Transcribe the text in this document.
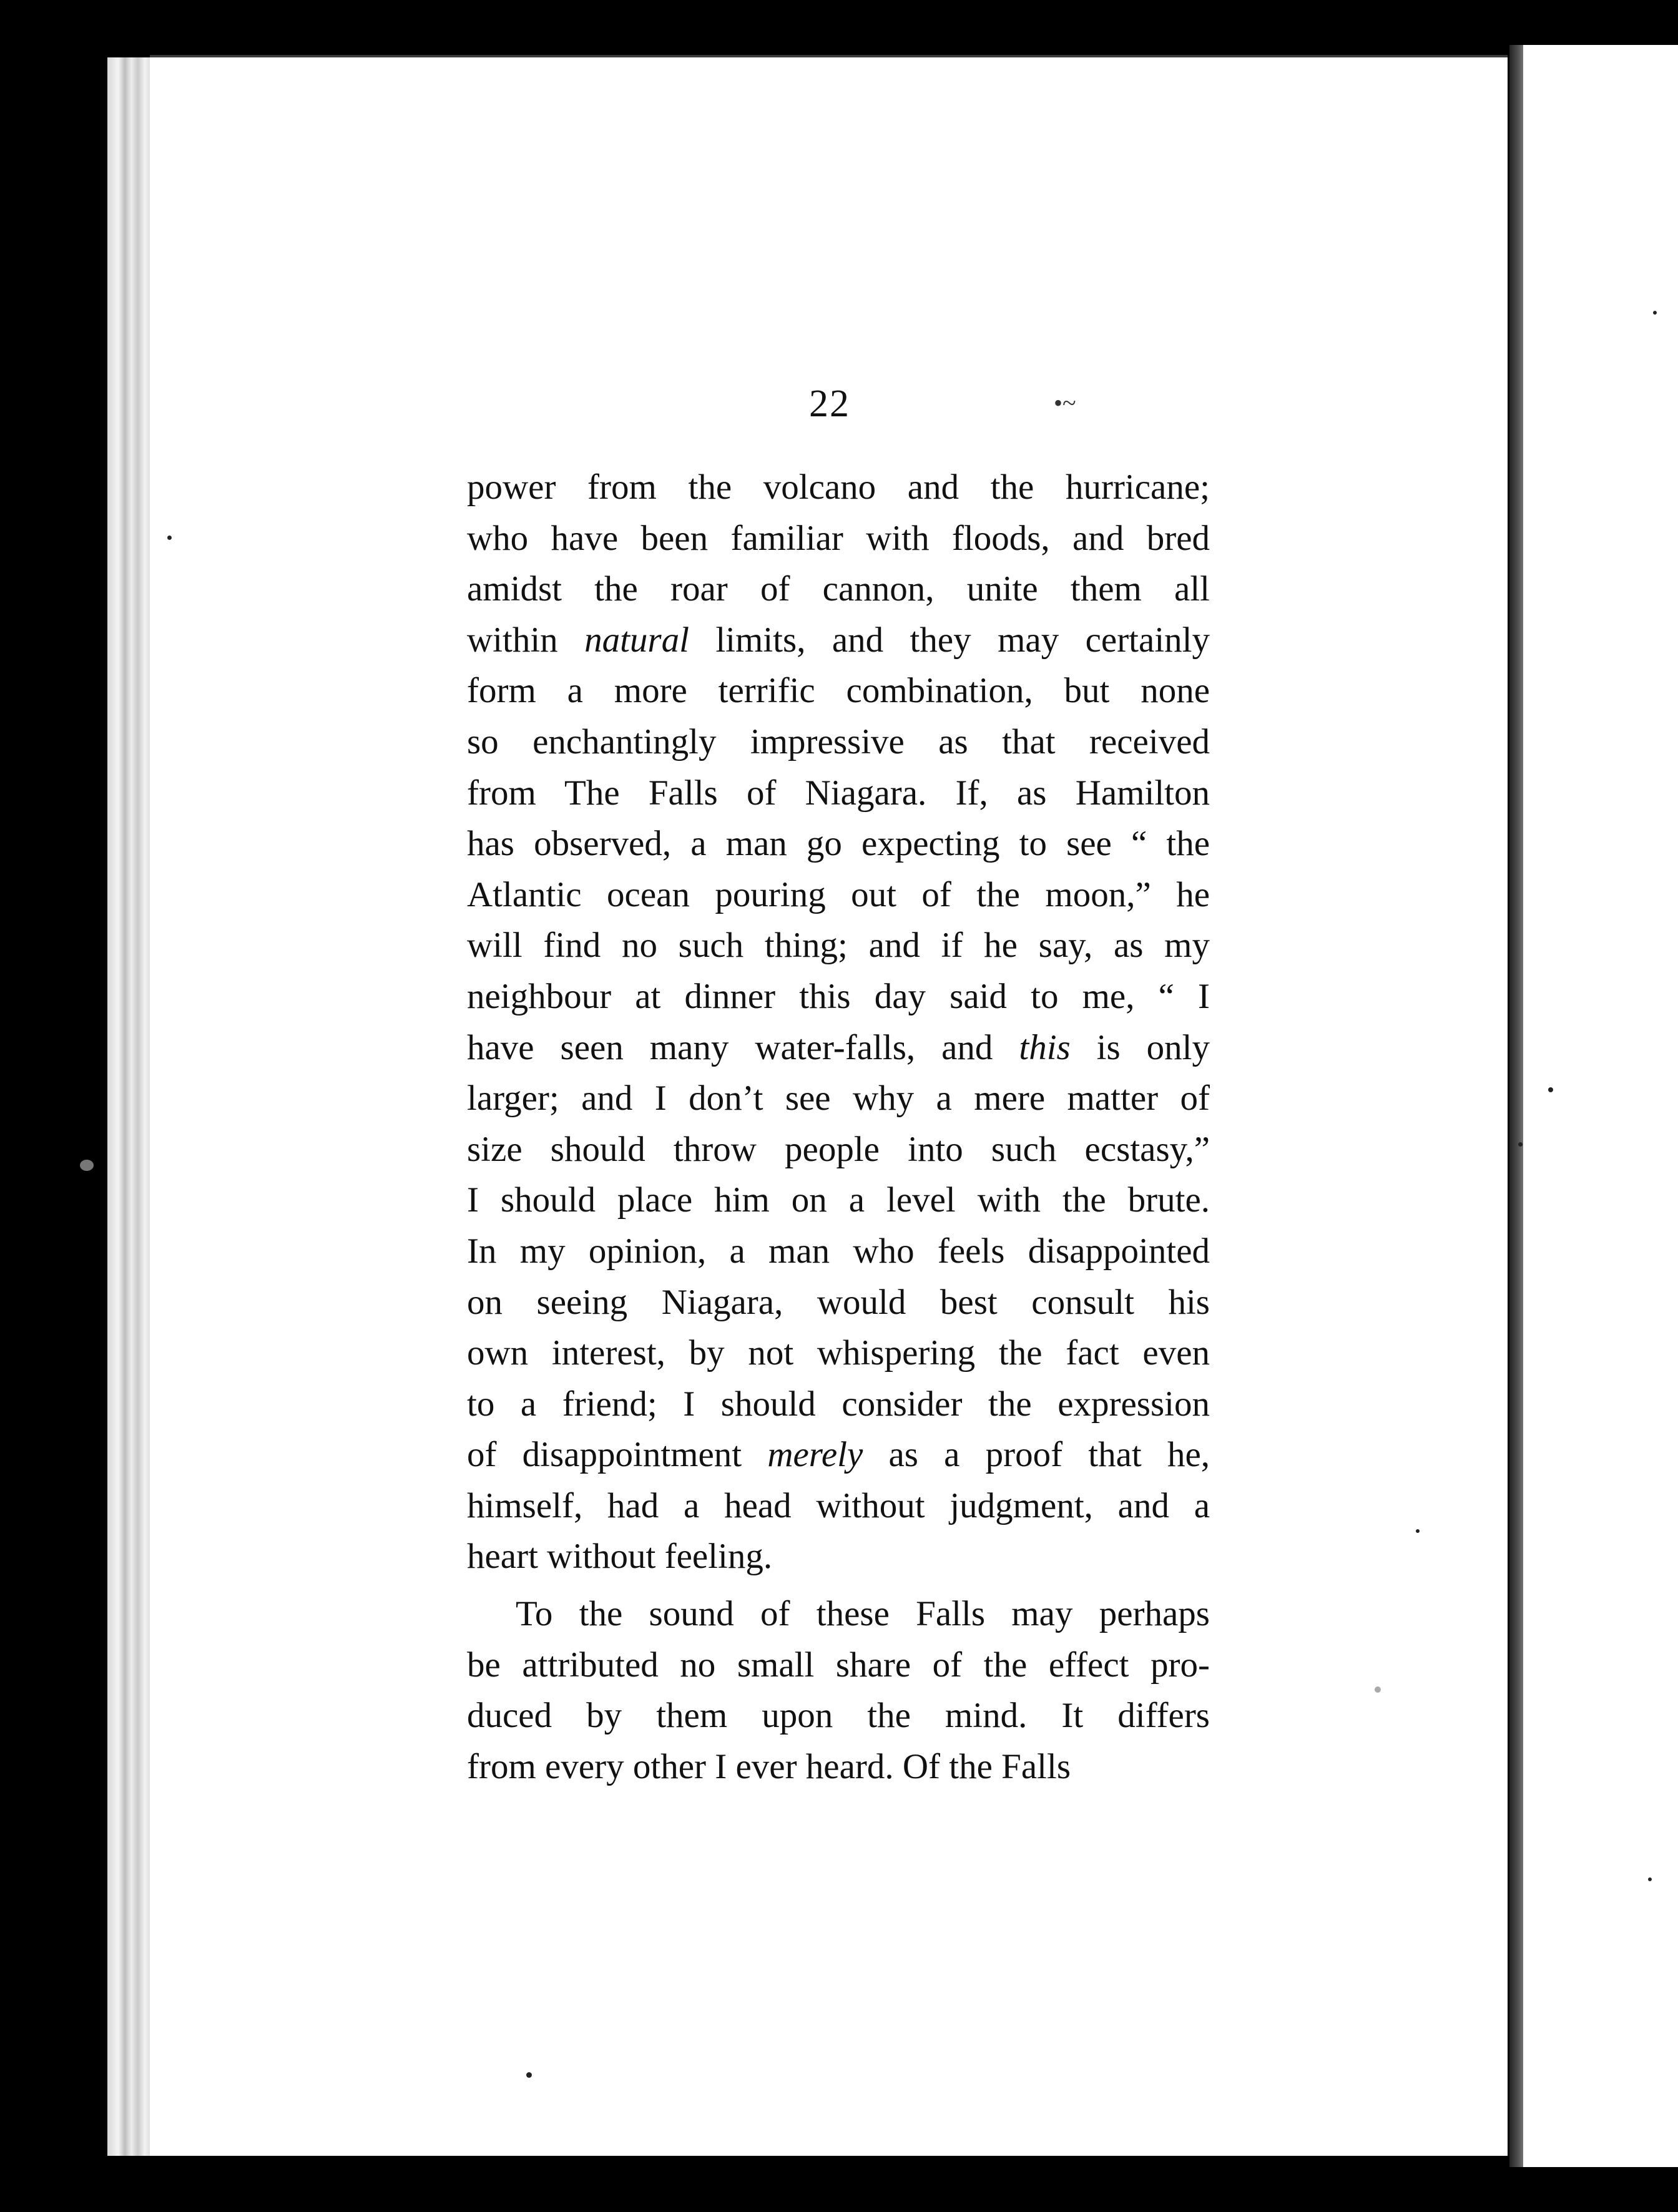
22	•~
power from the volcano and the hurricane;
who have been familiar with floods, and bred
amidst the roar of cannon, unite them all
within natural limits, and they may certainly
form a more terrific combination, but none
so enchantingly impressive as that received
from The Falls of Niagara. If, as Hamilton
has observed, a man go expecting to see “ the
Atlantic ocean pouring out of the moon,” he
will find no such thing; and if he say, as my
neighbour at dinner this day said to me, “ I
have seen many water-falls, and this is only
larger; and I don’t see why a mere matter of
size should throw people into such ecstasy,”
I should place him on a level with the brute.
In my opinion, a man who feels disappointed
on seeing Niagara, would best consult his
own interest, by not whispering the fact even
to a friend; I should consider the expression
of disappointment merely as a proof that he,
himself, had a head without judgment, and a
heart without feeling.
To the sound of these Falls may perhaps
be attributed no small share of the effect pro-
duced by them upon the mind. It differs
from every other I ever heard. Of the Falls
